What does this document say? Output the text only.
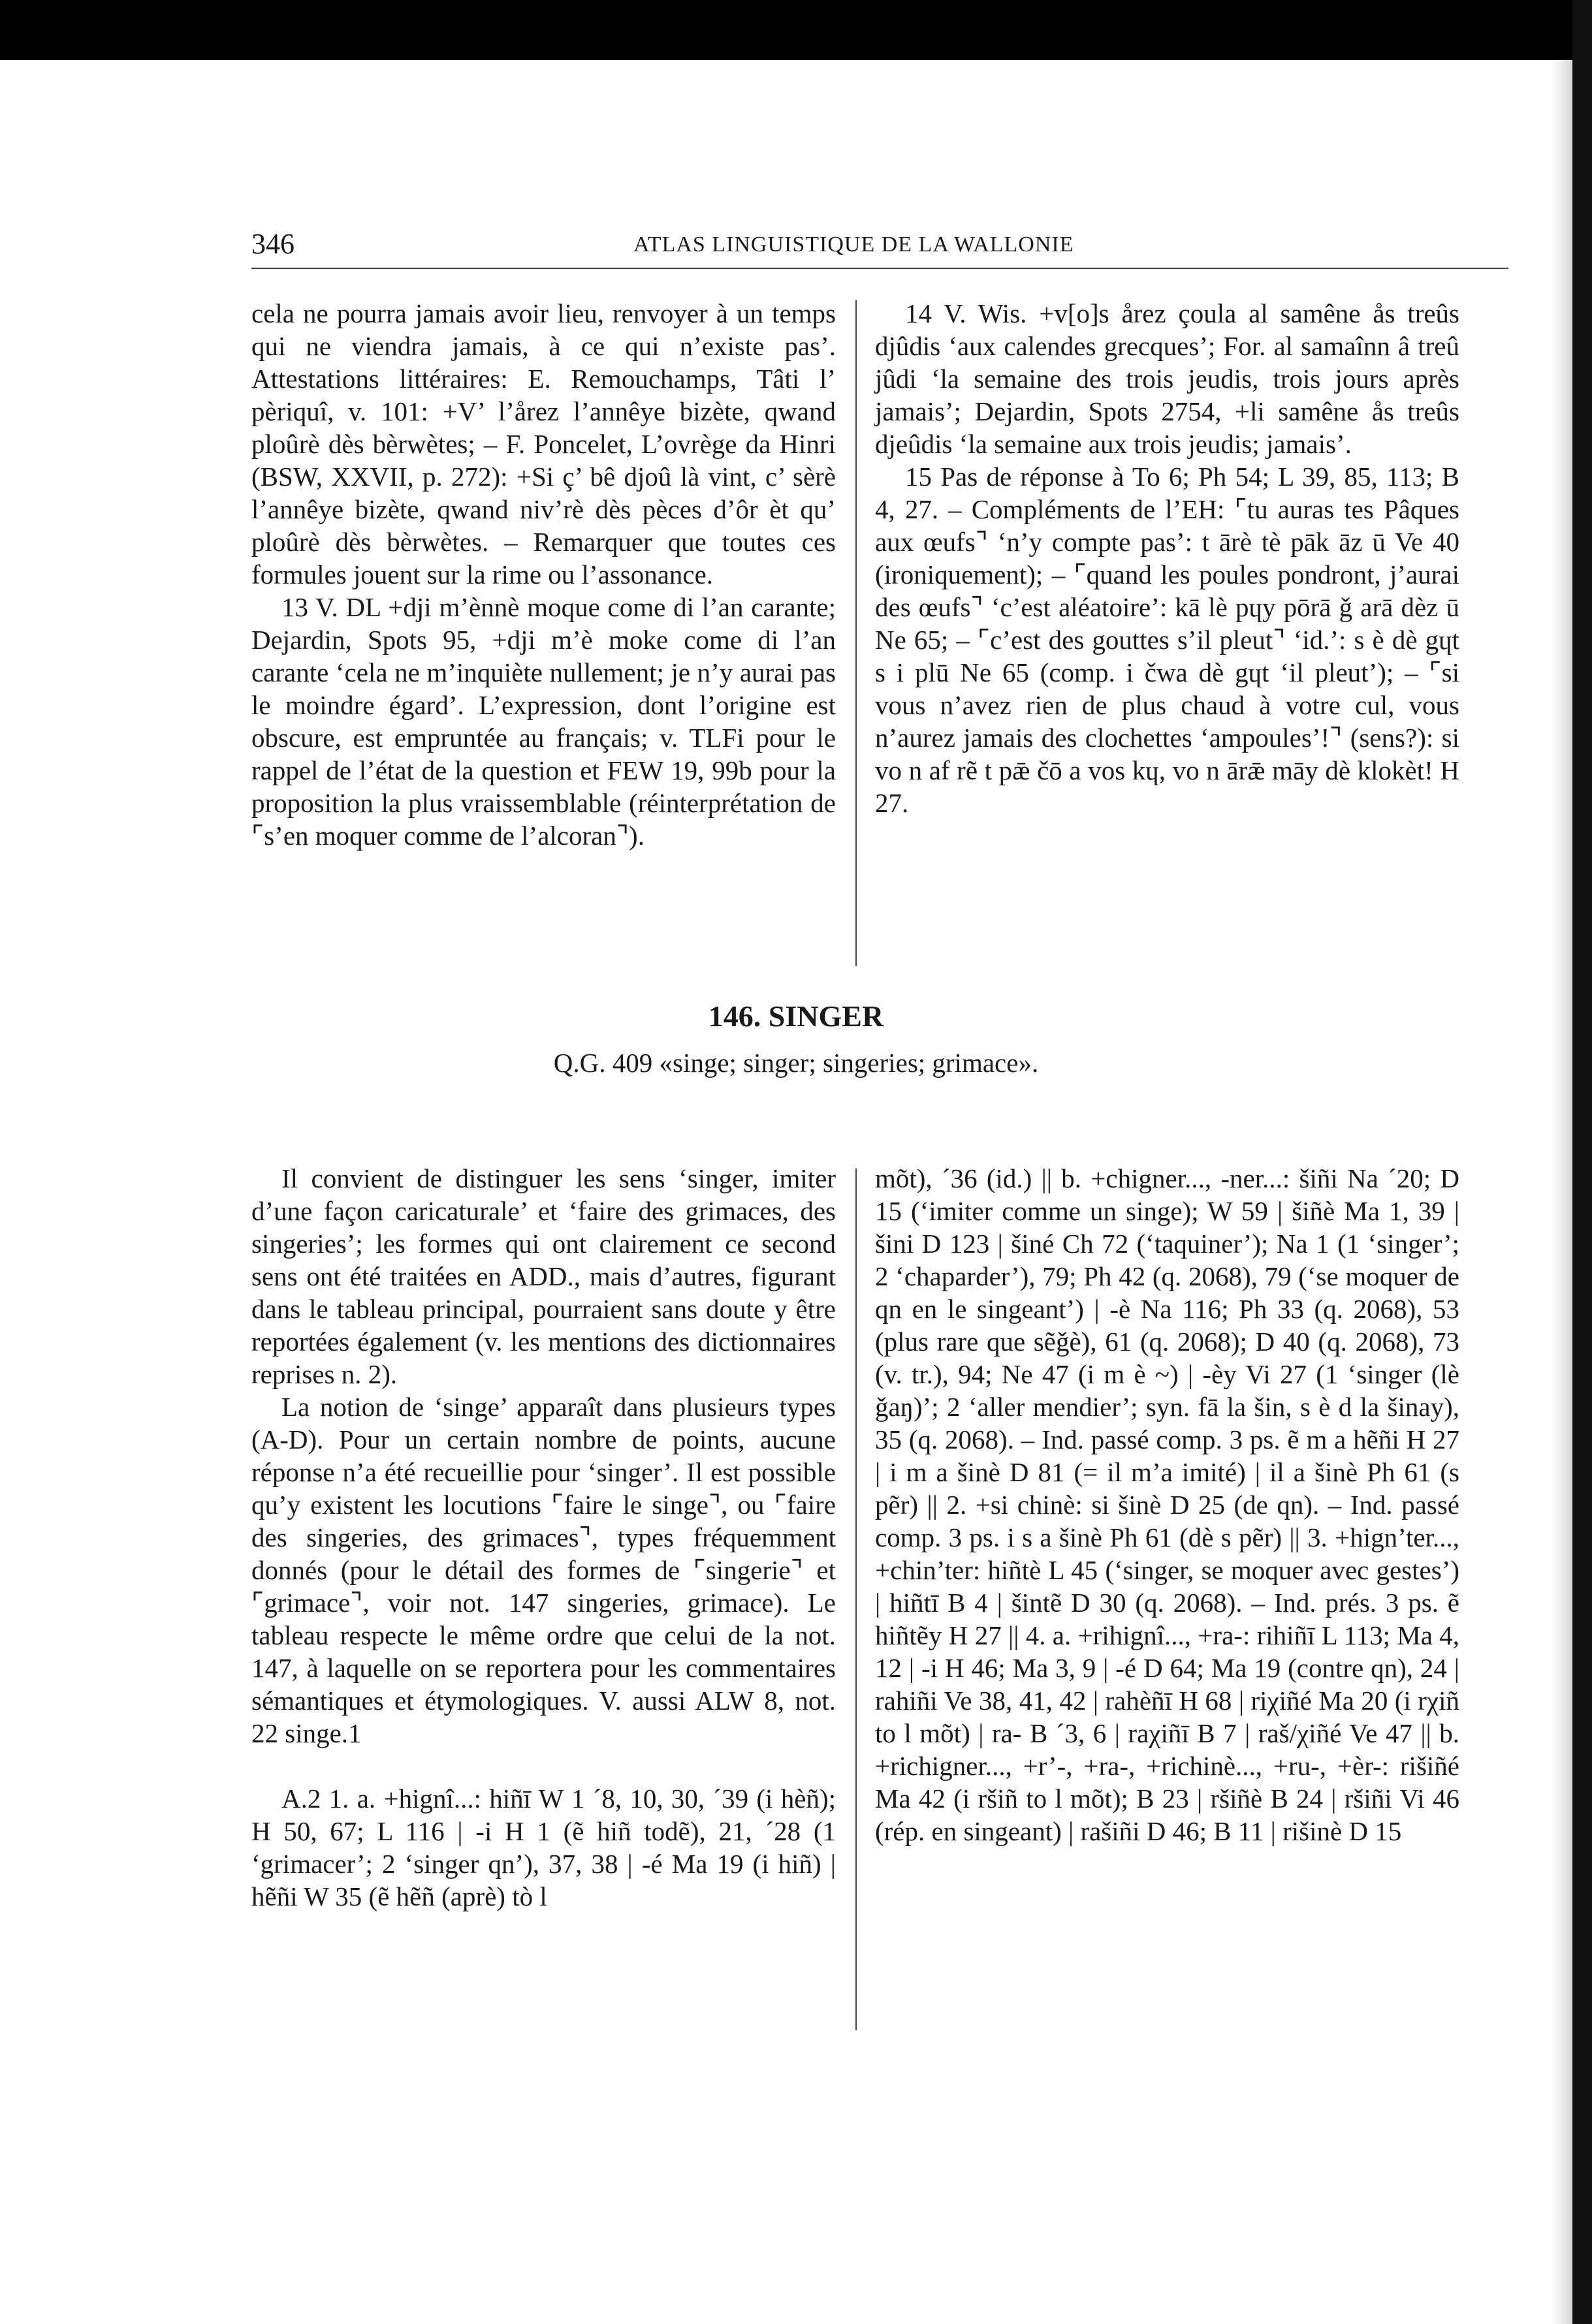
346	ATLAS LINGUISTIQUE DE LA WALLONIE

cela ne pourra jamais avoir lieu, renvoyer à un temps qui ne viendra jamais, à ce qui n’existe pas’. Attestations littéraires: E. Remouchamps, Tâti l’ pèriquî, v. 101: +V’ l’årez l’annêye bizète, qwand ploûrè dès bèrwètes; – F. Poncelet, L’ovrège da Hinri (BSW, XXVII, p. 272): +Si ç’ bê djoû là vint, c’ sèrè l’annêye bizète, qwand niv’rè dès pèces d’ôr èt qu’ ploûrè dès bèrwètes. – Remarquer que toutes ces formules jouent sur la rime ou l’assonance.

13 V. DL +dji m’ènnè moque come di l’an carante; Dejardin, Spots 95, +dji m’è moke come di l’an carante ‘cela ne m’inquiète nullement; je n’y aurai pas le moindre égard’. L’expression, dont l’origine est obscure, est empruntée au français; v. TLFi pour le rappel de l’état de la question et FEW 19, 99b pour la proposition la plus vraissemblable (réinterprétation de ⌜s’en moquer comme de l’alcoran⌝).

14 V. Wis. +v[o]s årez çoula al samêne ås treûs djûdis ‘aux calendes grecques’; For. al samaînn â treû jûdi ‘la semaine des trois jeudis, trois jours après jamais’; Dejardin, Spots 2754, +li samêne ås treûs djeûdis ‘la semaine aux trois jeudis; jamais’.

15 Pas de réponse à To 6; Ph 54; L 39, 85, 113; B 4, 27. – Compléments de l’EH: ⌜tu auras tes Pâques aux œufs⌝ ‘n’y compte pas’: t ārè tè pāk āz ū Ve 40 (ironiquement); – ⌜quand les poules pondront, j’aurai des œufs⌝ ‘c’est aléatoire’: kā lè pɥy pōrā ǧ arā dèz ū Ne 65; – ⌜c’est des gouttes s’il pleut⌝ ‘id.’: s è dè gɥt s i plū Ne 65 (comp. i čwa dè gɥt ‘il pleut’); – ⌜si vous n’avez rien de plus chaud à votre cul, vous n’aurez jamais des clochettes ‘ampoules’!⌝ (sens?): si vo n af rẽ t pǣ čō a vos kɥ, vo n ārǣ māy dè klokèt! H 27.

146. SINGER
Q.G. 409 «singe; singer; singeries; grimace».

Il convient de distinguer les sens ‘singer, imiter d’une façon caricaturale’ et ‘faire des grimaces, des singeries’; les formes qui ont clairement ce second sens ont été traitées en ADD., mais d’autres, figurant dans le tableau principal, pourraient sans doute y être reportées également (v. les mentions des dictionnaires reprises n. 2).

La notion de ‘singe’ apparaît dans plusieurs types (A-D). Pour un certain nombre de points, aucune réponse n’a été recueillie pour ‘singer’. Il est possible qu’y existent les locutions ⌜faire le singe⌝, ou ⌜faire des singeries, des grimaces⌝, types fréquemment donnés (pour le détail des formes de ⌜singerie⌝ et ⌜grimace⌝, voir not. 147 singeries, grimace). Le tableau respecte le même ordre que celui de la not. 147, à laquelle on se reportera pour les commentaires sémantiques et étymologiques. V. aussi ALW 8, not. 22 singe.1

A.2 1. a. +hignî...: hiñī W 1 ´8, 10, 30, ´39 (i hèñ); H 50, 67; L 116 | -i H 1 (ẽ hiñ todẽ), 21, ´28 (1 ‘grimacer’; 2 ‘singer qn’), 37, 38 | -é Ma 19 (i hiñ) | hẽñi W 35 (ẽ hẽñ (aprè) tò l

mõt), ´36 (id.) || b. +chigner..., -ner...: šiñi Na ´20; D 15 (‘imiter comme un singe); W 59 | šiñè Ma 1, 39 | šini D 123 | šiné Ch 72 (‘taquiner’); Na 1 (1 ‘singer’; 2 ‘chaparder’), 79; Ph 42 (q. 2068), 79 (‘se moquer de qn en le singeant’) | -è Na 116; Ph 33 (q. 2068), 53 (plus rare que sẽǧè), 61 (q. 2068); D 40 (q. 2068), 73 (v. tr.), 94; Ne 47 (i m è ~) | -èy Vi 27 (1 ‘singer (lè ǧaŋ)’; 2 ‘aller mendier’; syn. fā la šin, s è d la šinay), 35 (q. 2068). – Ind. passé comp. 3 ps. ẽ m a hẽñi H 27 | i m a šinè D 81 (= il m’a imité) | il a šinè Ph 61 (s pẽr) || 2. +si chinè: si šinè D 25 (de qn). – Ind. passé comp. 3 ps. i s a šinè Ph 61 (dè s pẽr) || 3. +hign’ter..., +chin’ter: hiñtè L 45 (‘singer, se moquer avec gestes’) | hiñtī B 4 | šintẽ D 30 (q. 2068). – Ind. prés. 3 ps. ẽ hiñtẽy H 27 || 4. a. +rihignî..., +ra-: rihiñī L 113; Ma 4, 12 | -i H 46; Ma 3, 9 | -é D 64; Ma 19 (contre qn), 24 | rahiñi Ve 38, 41, 42 | rahèñī H 68 | riχiñé Ma 20 (i rχiñ to l mõt) | ra- B ´3, 6 | raχiñī B 7 | raš/χiñé Ve 47 || b. +richigner..., +r’-, +ra-, +richinè..., +ru-, +èr-: rišiñé Ma 42 (i ršiñ to l mõt); B 23 | ršiñè B 24 | ršiñi Vi 46 (rép. en singeant) | rašiñi D 46; B 11 | rišinè D 15
